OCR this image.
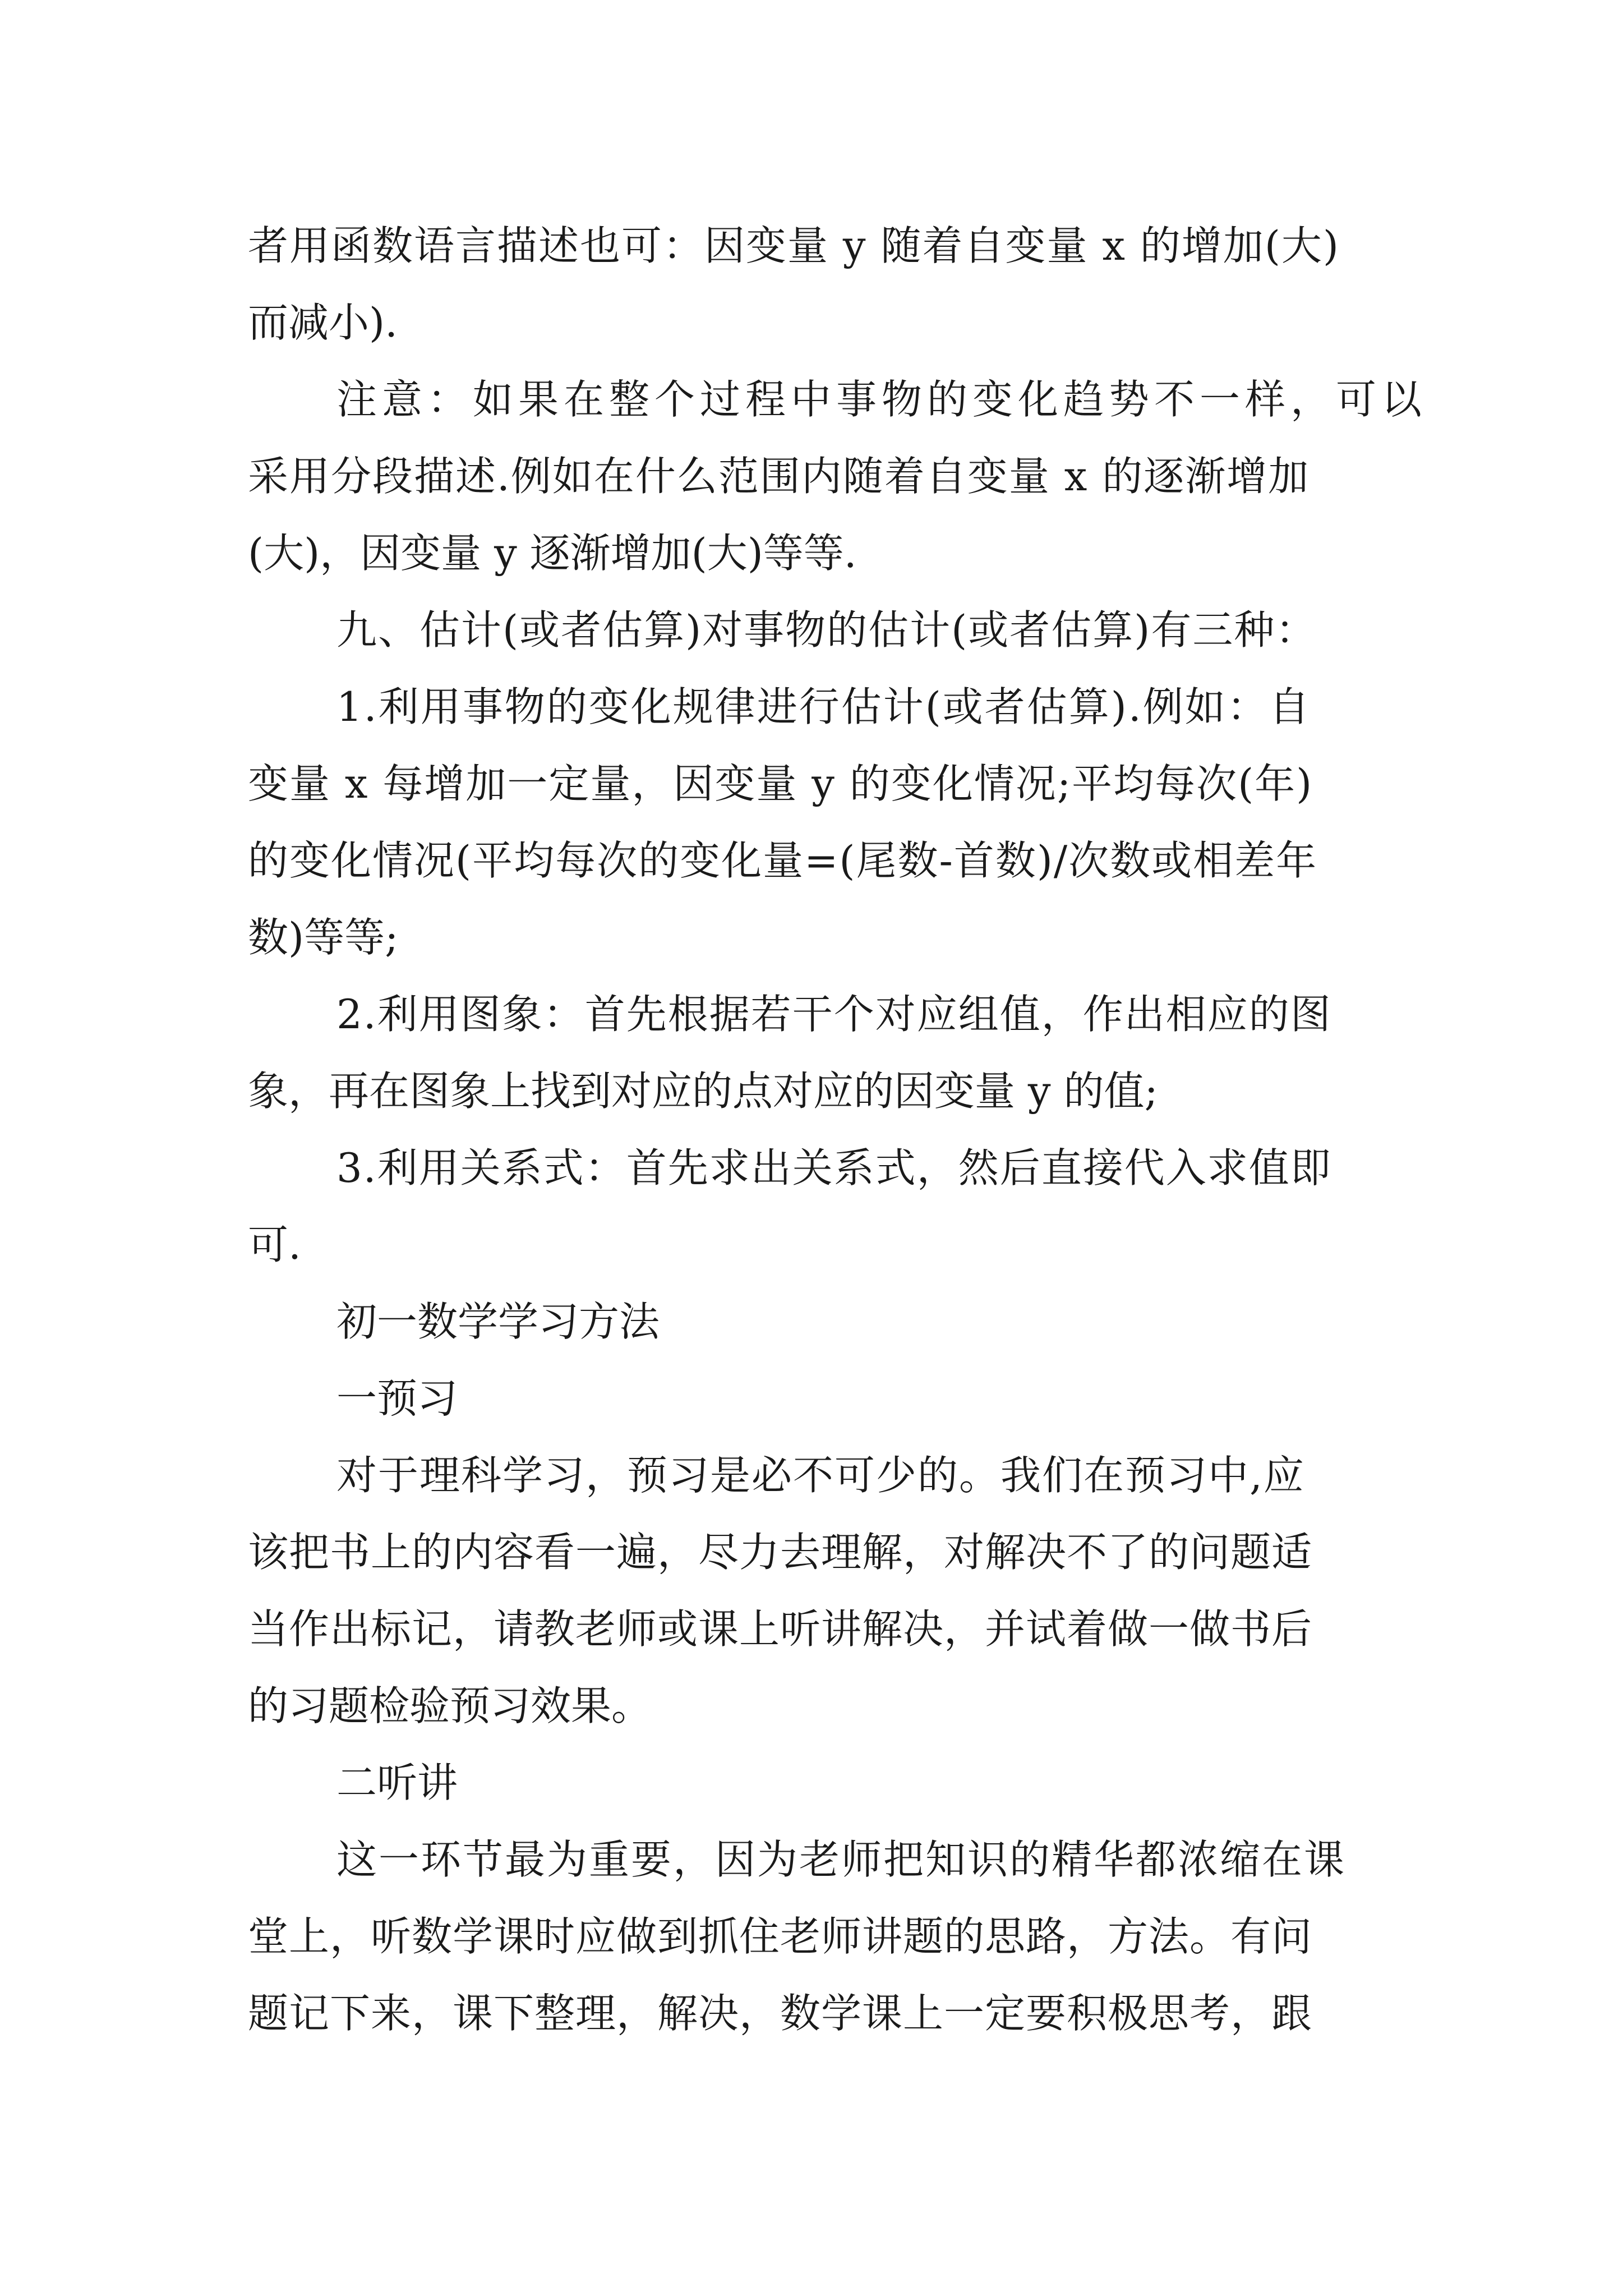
者用函数语言描述也可：因变量 y 随着自变量 x 的增加(大)
而减小).
注意：如果在整个过程中事物的变化趋势不一样，可以
采用分段描述.例如在什么范围内随着自变量 x 的逐渐增加
(大)，因变量 y 逐渐增加(大)等等.
九、估计(或者估算)对事物的估计(或者估算)有三种：
1.利用事物的变化规律进行估计(或者估算).例如：自
变量 x 每增加一定量，因变量 y 的变化情况;平均每次(年)
的变化情况(平均每次的变化量=(尾数-首数)/次数或相差年
数)等等;
2.利用图象：首先根据若干个对应组值，作出相应的图
象，再在图象上找到对应的点对应的因变量 y 的值;
3.利用关系式：首先求出关系式，然后直接代入求值即
可.
初一数学学习方法
一预习
对于理科学习，预习是必不可少的。我们在预习中,应
该把书上的内容看一遍，尽力去理解，对解决不了的问题适
当作出标记，请教老师或课上听讲解决，并试着做一做书后
的习题检验预习效果。
二听讲
这一环节最为重要，因为老师把知识的精华都浓缩在课
堂上，听数学课时应做到抓住老师讲题的思路，方法。有问
题记下来，课下整理，解决，数学课上一定要积极思考，跟
